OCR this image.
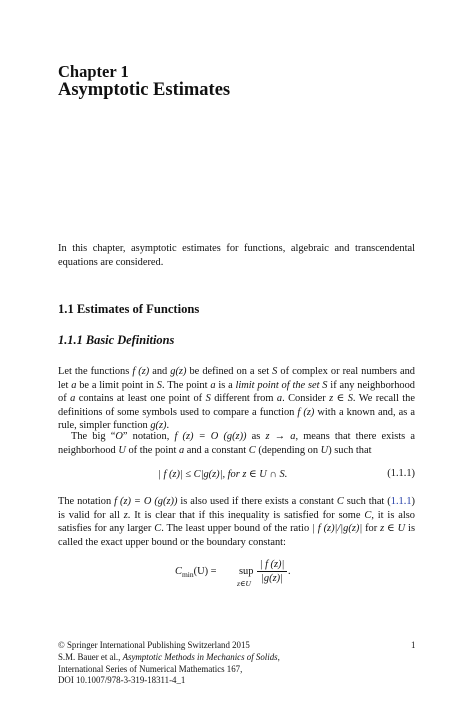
Chapter 1
Asymptotic Estimates
In this chapter, asymptotic estimates for functions, algebraic and transcendental equations are considered.
1.1 Estimates of Functions
1.1.1 Basic Definitions
Let the functions f (z) and g(z) be defined on a set S of complex or real numbers and let a be a limit point in S. The point a is a limit point of the set S if any neighborhood of a contains at least one point of S different from a. Consider z ∈ S. We recall the definitions of some symbols used to compare a function f (z) with a known and, as a rule, simpler function g(z).
The big “O” notation, f (z) = O (g(z)) as z → a, means that there exists a neighborhood U of the point a and a constant C (depending on U) such that
| f (z)| ≤ C|g(z)|, for z ∈ U ∩ S.	(1.1.1)
The notation f (z) = O (g(z)) is also used if there exists a constant C such that (1.1.1) is valid for all z. It is clear that if this inequality is satisfied for some C, it is also satisfies for any larger C. The least upper bound of the ratio | f (z)|/|g(z)| for z ∈ U is called the exact upper bound or the boundary constant:
$C_{min}(U)$ = sup
z∈U
| f (z)|
|g(z)|
.
© Springer International Publishing Switzerland 2015
S.M. Bauer et al., Asymptotic Methods in Mechanics of Solids,
International Series of Numerical Mathematics 167,
DOI 10.1007/978-3-319-18311-4_1
1
